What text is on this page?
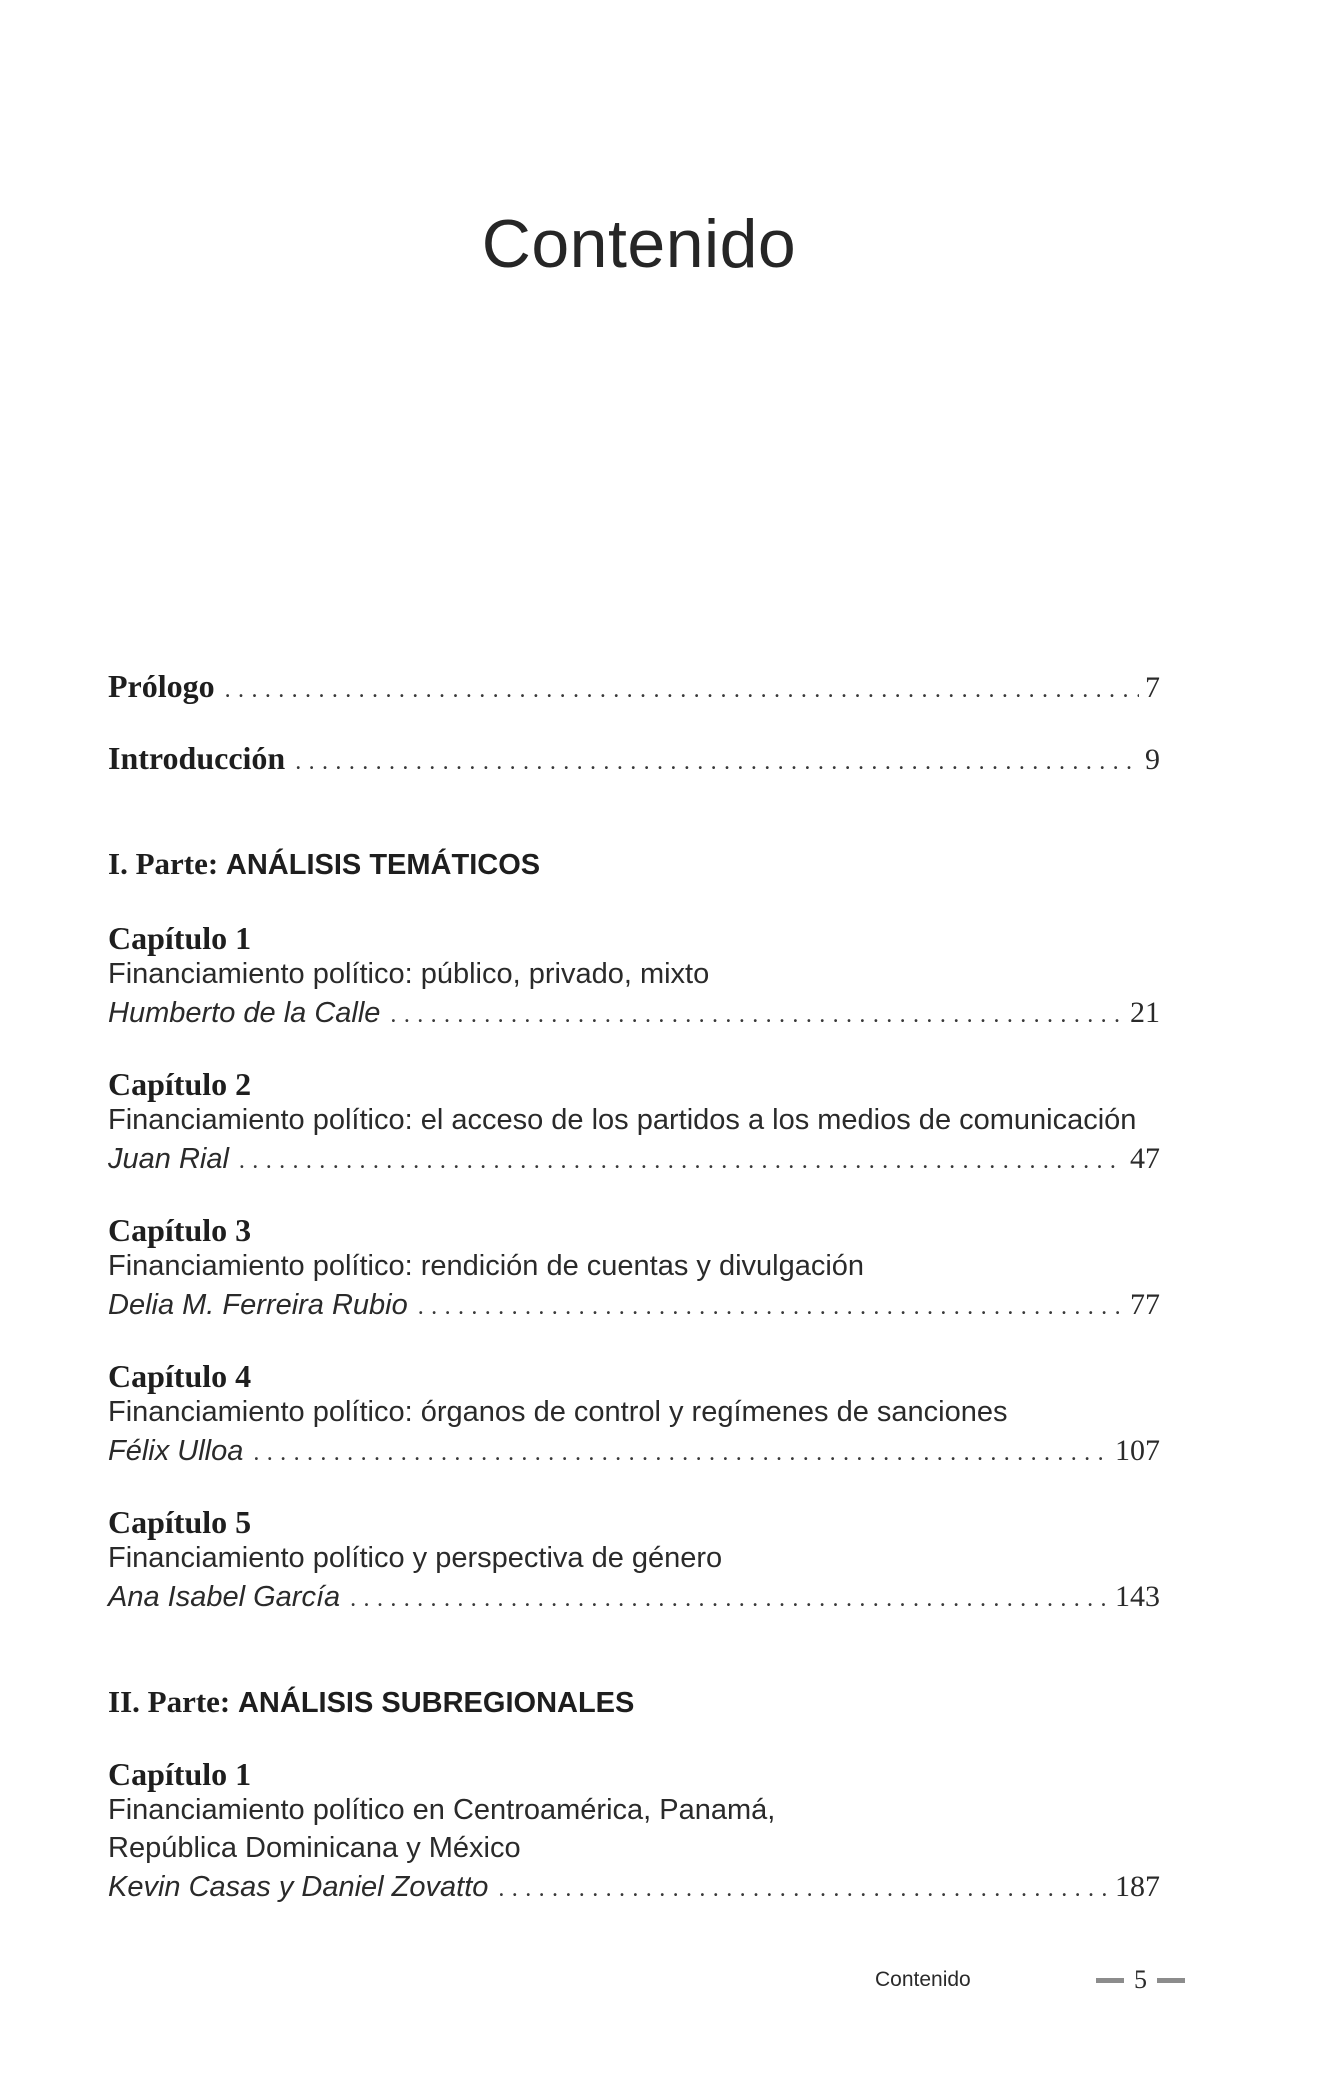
Contenido
Prólogo .....	7
Introducción .....	9
I. Parte:
ANÁLISIS TEMÁTICOS
Capítulo 1
Financiamiento político: público, privado, mixto
Humberto de la Calle .....	21
Capítulo 2
Financiamiento político: el acceso de los partidos a los medios de comunicación
Juan Rial .....	47
Capítulo 3
Financiamiento político: rendición de cuentas y divulgación
Delia M. Ferreira Rubio .....	77
Capítulo 4
Financiamiento político: órganos de control y regímenes de sanciones
Félix Ulloa .....	107
Capítulo 5
Financiamiento político y perspectiva de género
Ana Isabel García .....	143
II. Parte:
ANÁLISIS SUBREGIONALES
Capítulo 1
Financiamiento político en Centroamérica, Panamá,
República Dominicana y México
Kevin Casas y Daniel Zovatto .....	187
Contenido	5
